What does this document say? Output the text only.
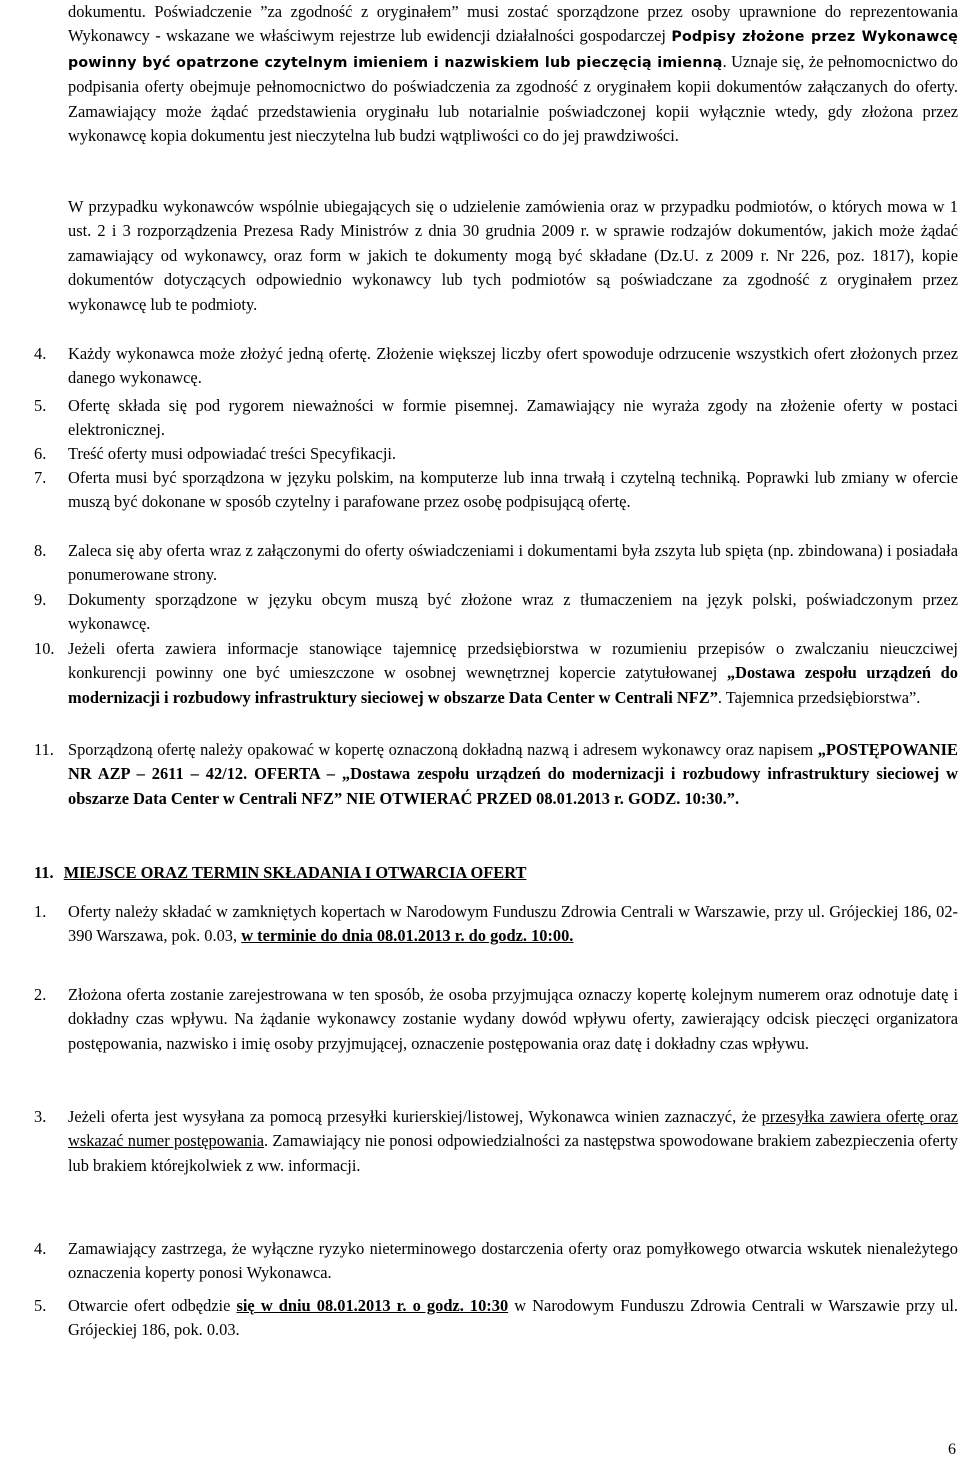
dokumentu. Poświadczenie ”za zgodność z oryginałem” musi zostać sporządzone przez osoby uprawnione do reprezentowania Wykonawcy - wskazane we właściwym rejestrze lub ewidencji działalności gospodarczej Podpisy złożone przez Wykonawcę powinny być opatrzone czytelnym imieniem i nazwiskiem lub pieczęcią imienną. Uznaje się, że pełnomocnictwo do podpisania oferty obejmuje pełnomocnictwo do poświadczenia za zgodność z oryginałem kopii dokumentów załączanych do oferty. Zamawiający może żądać przedstawienia oryginału lub notarialnie poświadczonej kopii wyłącznie wtedy, gdy złożona przez wykonawcę kopia dokumentu jest nieczytelna lub budzi wątpliwości co do jej prawdziwości.
W przypadku wykonawców wspólnie ubiegających się o udzielenie zamówienia oraz w przypadku podmiotów, o których mowa w 1 ust. 2 i 3 rozporządzenia Prezesa Rady Ministrów z dnia 30 grudnia 2009 r. w sprawie rodzajów dokumentów, jakich może żądać zamawiający od wykonawcy, oraz form w jakich te dokumenty mogą być składane (Dz.U. z 2009 r. Nr 226, poz. 1817), kopie dokumentów dotyczących odpowiednio wykonawcy lub tych podmiotów są poświadczane za zgodność z oryginałem przez wykonawcę lub te podmioty.
4.	Każdy wykonawca może złożyć jedną ofertę. Złożenie większej liczby ofert spowoduje odrzucenie wszystkich ofert złożonych przez danego wykonawcę.
5.	Ofertę składa się pod rygorem nieważności w formie pisemnej. Zamawiający nie wyraża zgody na złożenie oferty w postaci elektronicznej.
6.	Treść oferty musi odpowiadać treści Specyfikacji.
7.	Oferta musi być sporządzona w języku polskim, na komputerze lub inna trwałą i czytelną techniką. Poprawki lub zmiany w ofercie muszą być dokonane w sposób czytelny i parafowane przez osobę podpisującą ofertę.
8.	Zaleca się aby oferta wraz z załączonymi do oferty oświadczeniami i dokumentami była zszyta lub spięta (np. zbindowana) i posiadała ponumerowane strony.
9.	Dokumenty sporządzone w języku obcym muszą być złożone wraz z tłumaczeniem na język polski, poświadczonym przez wykonawcę.
10. Jeżeli oferta zawiera informacje stanowiące tajemnicę przedsiębiorstwa w rozumieniu przepisów o zwalczaniu nieuczciwej konkurencji powinny one być umieszczone w osobnej wewnętrznej kopercie zatytułowanej „Dostawa zespołu urządzeń do modernizacji i rozbudowy infrastruktury sieciowej w obszarze Data Center w Centrali NFZ”. Tajemnica przedsiębiorstwa”.
11. Sporządzoną ofertę należy opakować w kopertę oznaczoną dokładną nazwą i adresem wykonawcy oraz napisem „POSTĘPOWANIE NR AZP – 2611 – 42/12. OFERTA – „Dostawa zespołu urządzeń do modernizacji i rozbudowy infrastruktury sieciowej w obszarze Data Center w Centrali NFZ” NIE OTWIERAĆ PRZED 08.01.2013 r. GODZ. 10:30.”.
11. MIEJSCE ORAZ TERMIN SKŁADANIA I OTWARCIA OFERT
1.	Oferty należy składać w zamkniętych kopertach w Narodowym Funduszu Zdrowia Centrali w Warszawie, przy ul. Grójeckiej 186, 02-390 Warszawa, pok. 0.03, w terminie do dnia 08.01.2013 r. do godz. 10:00.
2.	Złożona oferta zostanie zarejestrowana w ten sposób, że osoba przyjmująca oznaczy kopertę kolejnym numerem oraz odnotuje datę i dokładny czas wpływu. Na żądanie wykonawcy zostanie wydany dowód wpływu oferty, zawierający odcisk pieczęci organizatora postępowania, nazwisko i imię osoby przyjmującej, oznaczenie postępowania oraz datę i dokładny czas wpływu.
3.	Jeżeli oferta jest wysyłana za pomocą przesyłki kurierskiej/listowej, Wykonawca winien zaznaczyć, że przesyłka zawiera ofertę oraz wskazać numer postępowania. Zamawiający nie ponosi odpowiedzialności za następstwa spowodowane brakiem zabezpieczenia oferty lub brakiem którejkolwiek z ww. informacji.
4.	Zamawiający zastrzega, że wyłączne ryzyko nieterminowego dostarczenia oferty oraz pomyłkowego otwarcia wskutek nienależytego oznaczenia koperty ponosi Wykonawca.
5.	Otwarcie ofert odbędzie się w dniu 08.01.2013 r. o godz. 10:30 w Narodowym Funduszu Zdrowia Centrali w Warszawie przy ul. Grójeckiej 186, pok. 0.03.
6
